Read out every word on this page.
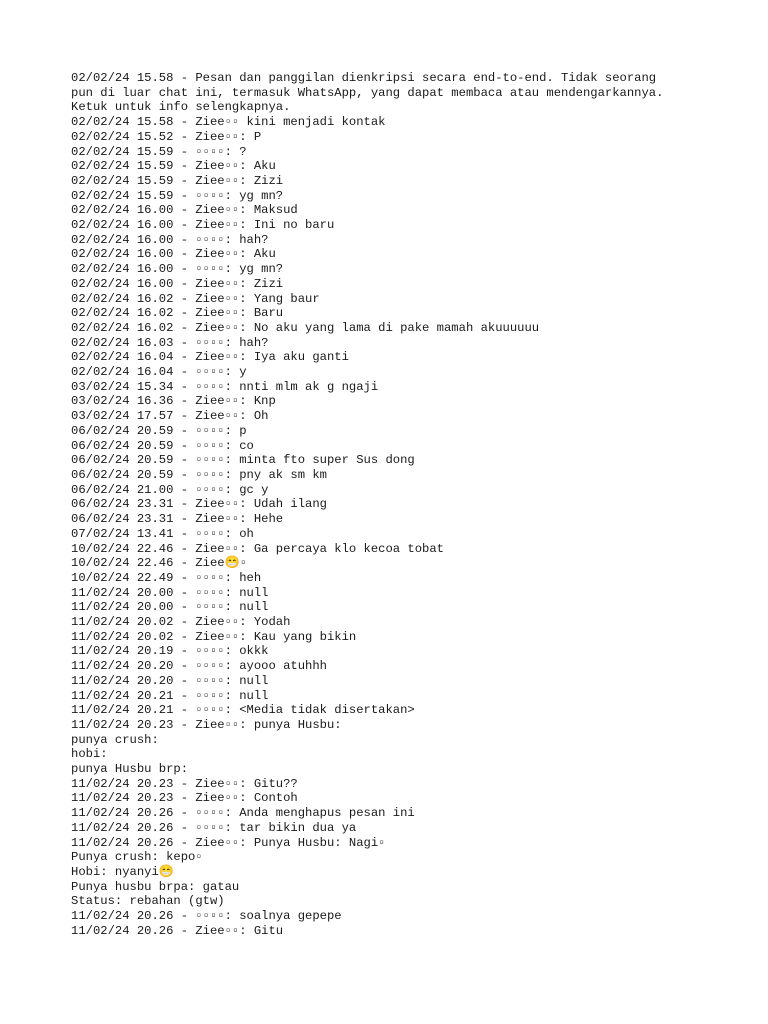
02/02/24 15.58 - Pesan dan panggilan dienkripsi secara end-to-end. Tidak seorang
pun di luar chat ini, termasuk WhatsApp, yang dapat membaca atau mendengarkannya.
Ketuk untuk info selengkapnya.
02/02/24 15.58 - Ziee▫▫ kini menjadi kontak
02/02/24 15.52 - Ziee▫▫: P
02/02/24 15.59 - ▫▫▫▫: ?
02/02/24 15.59 - Ziee▫▫: Aku
02/02/24 15.59 - Ziee▫▫: Zizi
02/02/24 15.59 - ▫▫▫▫: yg mn?
02/02/24 16.00 - Ziee▫▫: Maksud
02/02/24 16.00 - Ziee▫▫: Ini no baru
02/02/24 16.00 - ▫▫▫▫: hah?
02/02/24 16.00 - Ziee▫▫: Aku
02/02/24 16.00 - ▫▫▫▫: yg mn?
02/02/24 16.00 - Ziee▫▫: Zizi
02/02/24 16.02 - Ziee▫▫: Yang baur
02/02/24 16.02 - Ziee▫▫: Baru
02/02/24 16.02 - Ziee▫▫: No aku yang lama di pake mamah akuuuuuu
02/02/24 16.03 - ▫▫▫▫: hah?
02/02/24 16.04 - Ziee▫▫: Iya aku ganti
02/02/24 16.04 - ▫▫▫▫: y
03/02/24 15.34 - ▫▫▫▫: nnti mlm ak g ngaji
03/02/24 16.36 - Ziee▫▫: Knp
03/02/24 17.57 - Ziee▫▫: Oh
06/02/24 20.59 - ▫▫▫▫: p
06/02/24 20.59 - ▫▫▫▫: co
06/02/24 20.59 - ▫▫▫▫: minta fto super Sus dong
06/02/24 20.59 - ▫▫▫▫: pny ak sm km
06/02/24 21.00 - ▫▫▫▫: gc y
06/02/24 23.31 - Ziee▫▫: Udah ilang
06/02/24 23.31 - Ziee▫▫: Hehe
07/02/24 13.41 - ▫▫▫▫: oh
10/02/24 22.46 - Ziee▫▫: Ga percaya klo kecoa tobat
10/02/24 22.46 - Ziee😁▫
10/02/24 22.49 - ▫▫▫▫: heh
11/02/24 20.00 - ▫▫▫▫: null
11/02/24 20.00 - ▫▫▫▫: null
11/02/24 20.02 - Ziee▫▫: Yodah
11/02/24 20.02 - Ziee▫▫: Kau yang bikin
11/02/24 20.19 - ▫▫▫▫: okkk
11/02/24 20.20 - ▫▫▫▫: ayooo atuhhh
11/02/24 20.20 - ▫▫▫▫: null
11/02/24 20.21 - ▫▫▫▫: null
11/02/24 20.21 - ▫▫▫▫: <Media tidak disertakan>
11/02/24 20.23 - Ziee▫▫: punya Husbu:
punya crush:
hobi:
punya Husbu brp:
11/02/24 20.23 - Ziee▫▫: Gitu??
11/02/24 20.23 - Ziee▫▫: Contoh
11/02/24 20.26 - ▫▫▫▫: Anda menghapus pesan ini
11/02/24 20.26 - ▫▫▫▫: tar bikin dua ya
11/02/24 20.26 - Ziee▫▫: Punya Husbu: Nagi▫
Punya crush: kepo▫
Hobi: nyanyi😁
Punya husbu brpa: gatau
Status: rebahan (gtw)
11/02/24 20.26 - ▫▫▫▫: soalnya gepepe
11/02/24 20.26 - Ziee▫▫: Gitu
